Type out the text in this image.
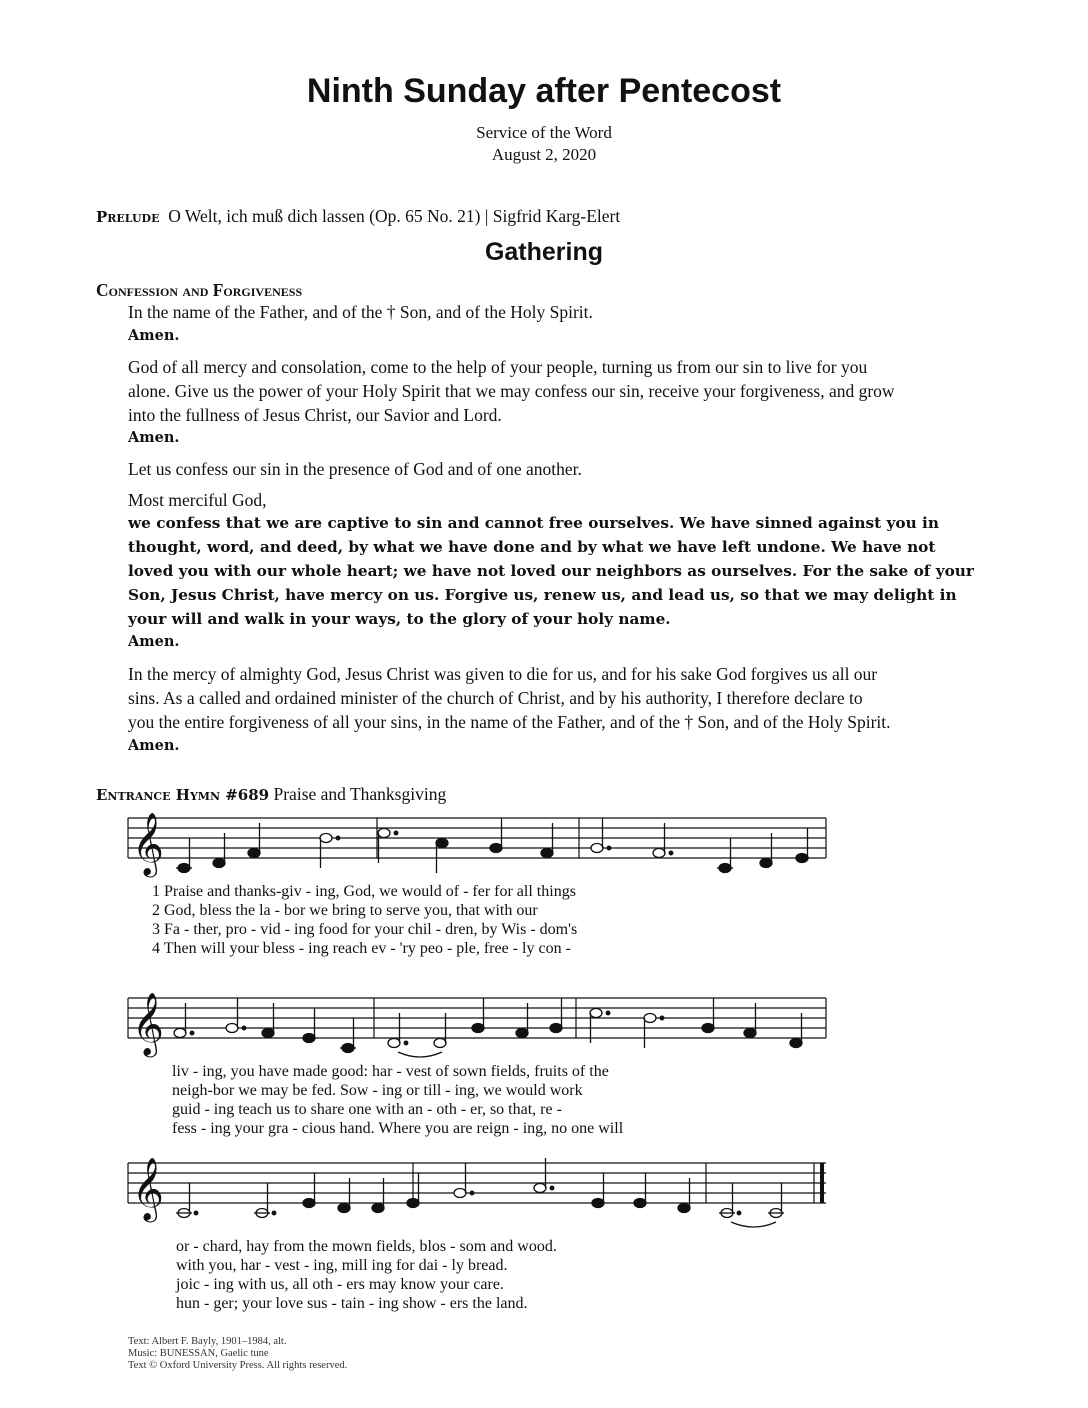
Ninth Sunday after Pentecost
Service of the Word
August 2, 2020
Prelude O Welt, ich muß dich lassen (Op. 65 No. 21) | Sigfrid Karg-Elert
Gathering
Confession and Forgiveness
In the name of the Father, and of the † Son, and of the Holy Spirit.
Amen.
God of all mercy and consolation, come to the help of your people, turning us from our sin to live for you
alone. Give us the power of your Holy Spirit that we may confess our sin, receive your forgiveness, and grow
into the fullness of Jesus Christ, our Savior and Lord.
Amen.
Let us confess our sin in the presence of God and of one another.
Most merciful God,
we confess that we are captive to sin and cannot free ourselves. We have sinned against you in
thought, word, and deed, by what we have done and by what we have left undone. We have not
loved you with our whole heart; we have not loved our neighbors as ourselves. For the sake of your
Son, Jesus Christ, have mercy on us. Forgive us, renew us, and lead us, so that we may delight in
your will and walk in your ways, to the glory of your holy name.
Amen.
In the mercy of almighty God, Jesus Christ was given to die for us, and for his sake God forgives us all our
sins. As a called and ordained minister of the church of Christ, and by his authority, I therefore declare to
you the entire forgiveness of all your sins, in the name of the Father, and of the † Son, and of the Holy Spirit.
Amen.
Entrance Hymn #689 Praise and Thanksgiving
𝄞
𝄞
𝄞
1 Praise and thanks-giv - ing, God, we would of - fer for all things
2 God, bless the la - bor we bring to serve you, that with our
3 Fa - ther, pro - vid - ing food for your chil - dren, by Wis - dom's
4 Then will your bless - ing reach ev - 'ry peo - ple, free - ly con -
liv - ing, you have made good: har - vest of sown fields, fruits of the
neigh-bor we may be fed. Sow - ing or till - ing, we would work
guid - ing teach us to share one with an - oth - er, so that, re -
fess - ing your gra - cious hand. Where you are reign - ing, no one will
or - chard, hay from the mown fields, blos - som and wood.
with you, har - vest - ing, mill ing for dai - ly bread.
joic - ing with us, all oth - ers may know your care.
hun - ger; your love sus - tain - ing show - ers the land.
Text: Albert F. Bayly, 1901–1984, alt.
Music: BUNESSAN, Gaelic tune
Text © Oxford University Press. All rights reserved.
